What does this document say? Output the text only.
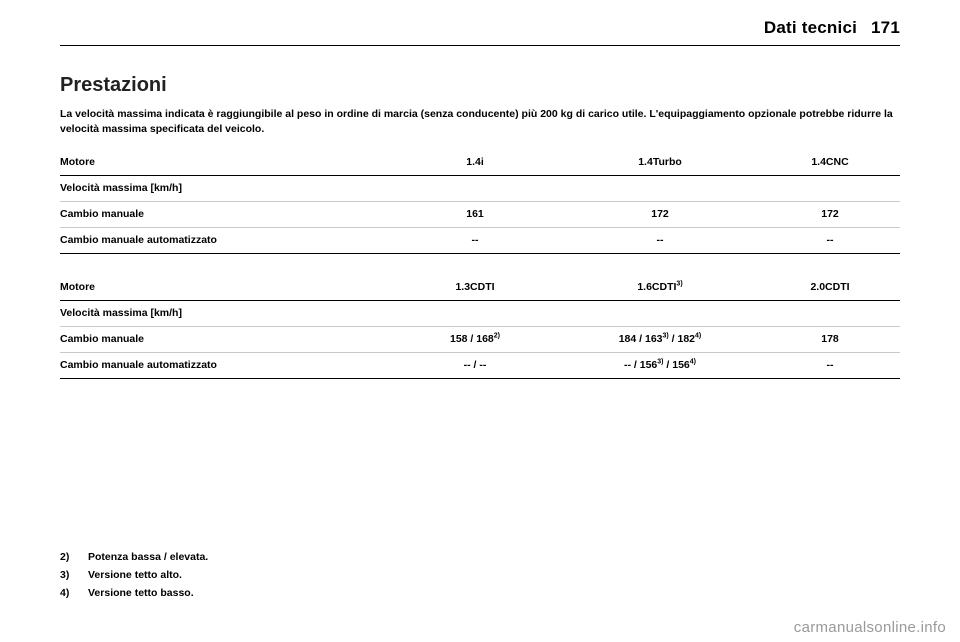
Dati tecnici 171
Prestazioni
La velocità massima indicata è raggiungibile al peso in ordine di marcia (senza conducente) più 200 kg di carico utile. L'equipaggiamento opzionale potrebbe ridurre la velocità massima specificata del veicolo.
Motore	1.4i	1.4Turbo	1.4CNC
Velocità massima [km/h]			
Cambio manuale	161	172	172
Cambio manuale automatizzato	--	--	--
Motore	1.3CDTI	1.6CDTI$^{3)}$	2.0CDTI
Velocità massima [km/h]			
Cambio manuale	158 / 168$^{2)}$	184 / 163$^{3)}$ / 182$^{4)}$	178
Cambio manuale automatizzato	-- / --	-- / 156$^{3)}$ / 156$^{4)}$	--
2) Potenza bassa / elevata.
3) Versione tetto alto.
4) Versione tetto basso.
carmanualsonline.info
